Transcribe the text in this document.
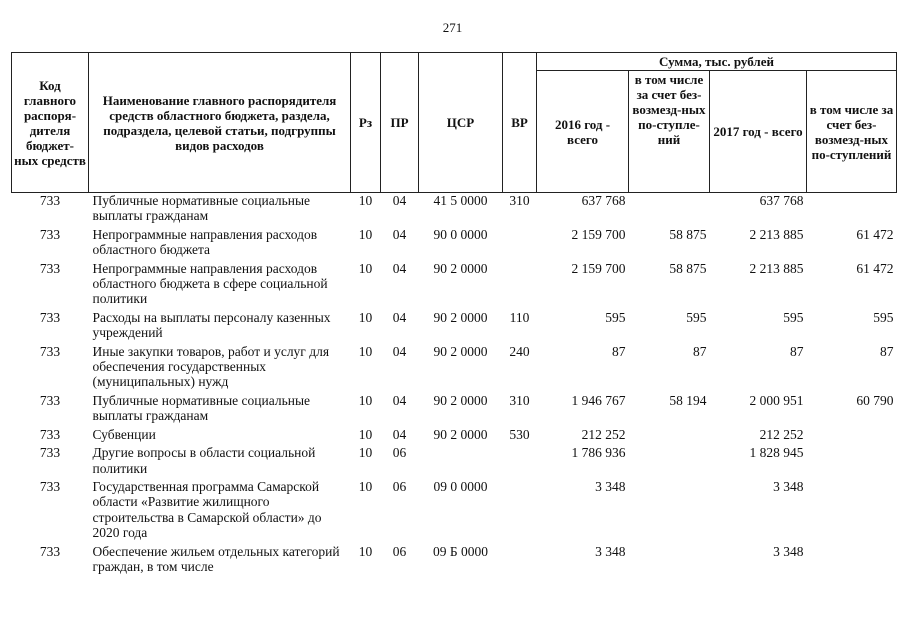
271
Код главного распоря-дителя бюджет-ных средств	Наименование главного распорядителя средств областного бюджета, раздела, подраздела, целевой статьи, подгруппы видов расходов	Рз	ПР	ЦСР	ВР	Сумма, тыс. рублей			
						2016 год - всего	в том числе за счет без-возмезд-ных по-ступле-ний	2017 год - всего	в том числе за счет без-возмезд-ных по-ступлений
733	Публичные нормативные социальные выплаты гражданам	10	04	41 5 0000	310	637 768		637 768	
733	Непрограммные направления расходов областного бюджета	10	04	90 0 0000		2 159 700	58 875	2 213 885	61 472
733	Непрограммные направления расходов областного бюджета в сфере социальной политики	10	04	90 2 0000		2 159 700	58 875	2 213 885	61 472
733	Расходы на выплаты персоналу казенных учреждений	10	04	90 2 0000	110	595	595	595	595
733	Иные закупки товаров, работ и услуг для обеспечения государственных (муниципальных) нужд	10	04	90 2 0000	240	87	87	87	87
733	Публичные нормативные социальные выплаты гражданам	10	04	90 2 0000	310	1 946 767	58 194	2 000 951	60 790
733	Субвенции	10	04	90 2 0000	530	212 252		212 252	
733	Другие вопросы в области социальной политики	10	06			1 786 936		1 828 945	
733	Государственная программа Самарской области «Развитие жилищного строительства в Самарской области» до 2020 года	10	06	09 0 0000		3 348		3 348	
733	Обеспечение жильем отдельных категорий граждан, в том числе	10	06	09 Б 0000		3 348		3 348	
